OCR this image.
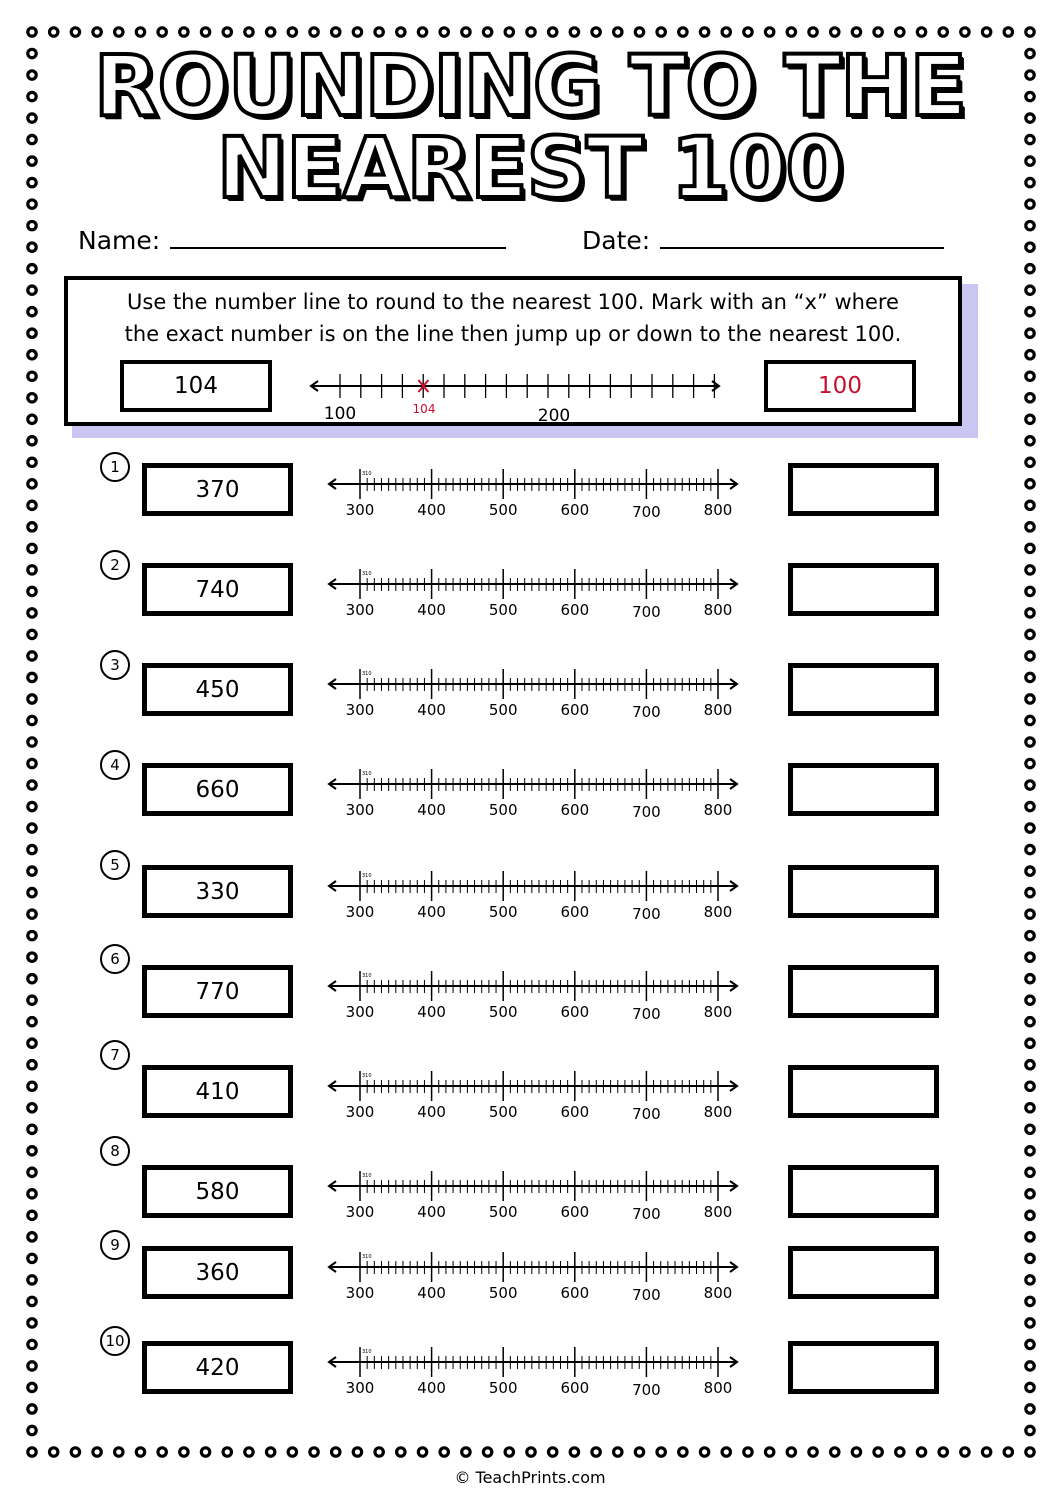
ROUNDING TO THE
NEAREST 100
Name:	Date:
Use the number line to round to the nearest 100. Mark with an “x” where
the exact number is on the line then jump up or down to the nearest 100.
104	100
100	104	200
1
370
310
300	400	500	600	700	800
2
740
310
300	400	500	600	700	800
3
450
310
300	400	500	600	700	800
4
660
310
300	400	500	600	700	800
5
330
310
300	400	500	600	700	800
6
770
310
300	400	500	600	700	800
7
410
310
300	400	500	600	700	800
8
580
310
300	400	500	600	700	800
9
360
310
300	400	500	600	700	800
10
420
310
300	400	500	600	700	800
© TeachPrints.com
